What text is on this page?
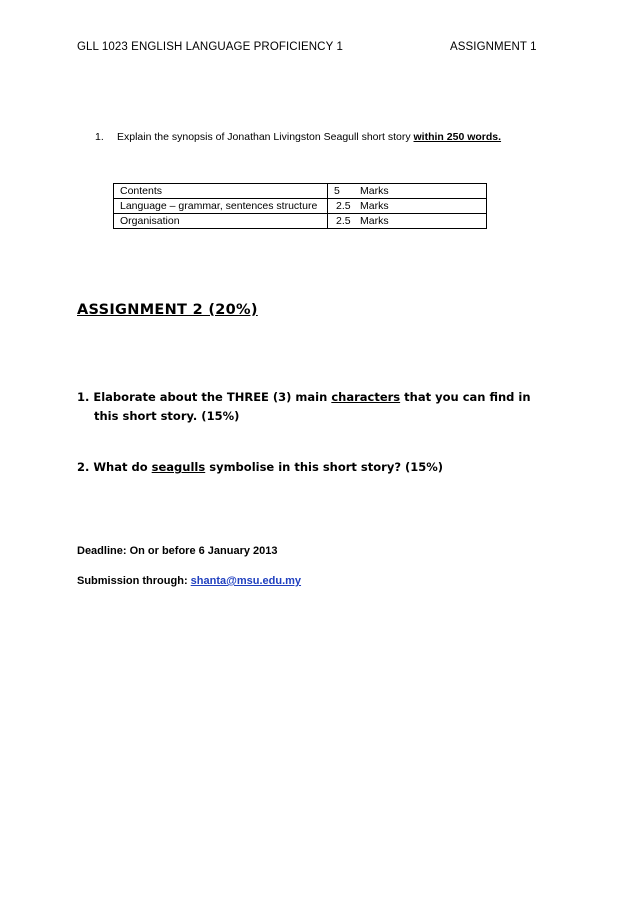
GLL 1023 ENGLISH LANGUAGE PROFICIENCY 1	ASSIGNMENT 1
1. Explain the synopsis of Jonathan Livingston Seagull short story within 250 words.
Contents	5 Marks
Language – grammar, sentences structure	2.5 Marks
Organisation	2.5 Marks
ASSIGNMENT 2 (20%)
1. Elaborate about the THREE (3) main characters that you can find in
this short story. (15%)
2. What do seagulls symbolise in this short story? (15%)
Deadline: On or before 6 January 2013
Submission through: shanta@msu.edu.my
